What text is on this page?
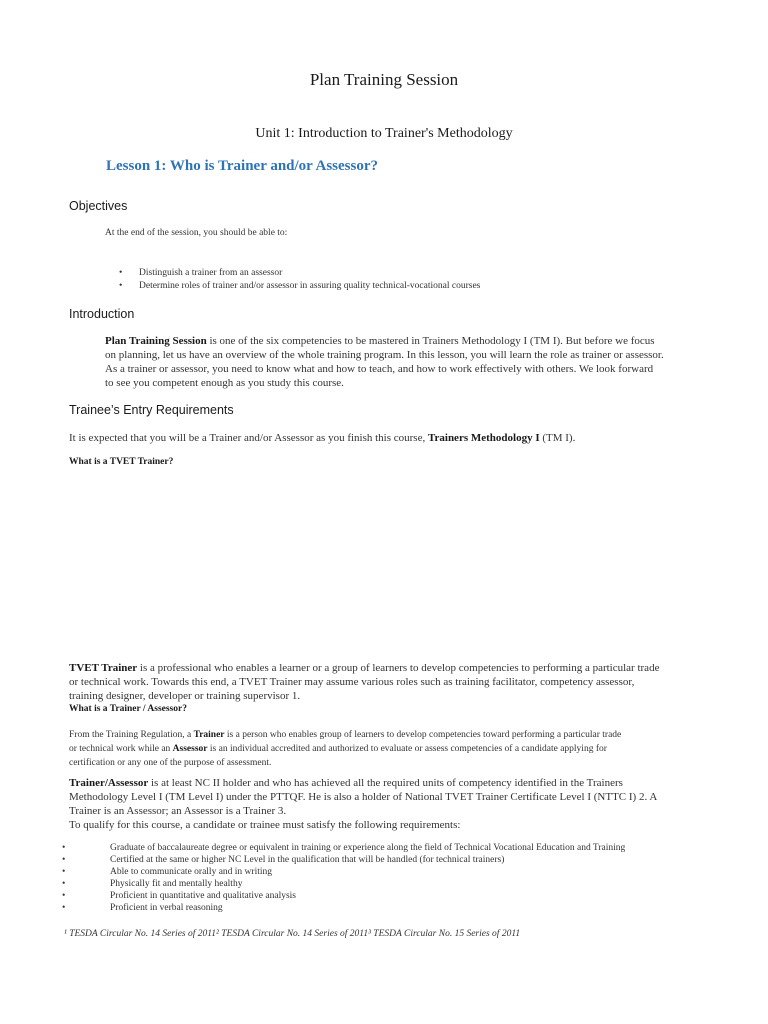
Plan Training Session
Unit 1: Introduction to Trainer's Methodology
Lesson 1: Who is Trainer and/or Assessor?
Objectives
At the end of the session, you should be able to:
• Distinguish a trainer from an assessor
• Determine roles of trainer and/or assessor in assuring quality technical-vocational courses
Introduction
Plan Training Session is one of the six competencies to be mastered in Trainers Methodology I (TM I). But before we focus
on planning, let us have an overview of the whole training program. In this lesson, you will learn the role as trainer or assessor.
As a trainer or assessor, you need to know what and how to teach, and how to work effectively with others. We look forward
to see you competent enough as you study this course.
Trainee’s Entry Requirements
It is expected that you will be a Trainer and/or Assessor as you finish this course, Trainers Methodology I (TM I).
What is a TVET Trainer?
TVET Trainer is a professional who enables a learner or a group of learners to develop competencies to performing a particular trade
or technical work. Towards this end, a TVET Trainer may assume various roles such as training facilitator, competency assessor,
training designer, developer or training supervisor 1.
What is a Trainer / Assessor?
From the Training Regulation, a Trainer is a person who enables group of learners to develop competencies toward performing a particular trade
or technical work while an Assessor is an individual accredited and authorized to evaluate or assess competencies of a candidate applying for
certification or any one of the purpose of assessment.
Trainer/Assessor is at least NC II holder and who has achieved all the required units of competency identified in the Trainers
Methodology Level I (TM Level I) under the PTTQF. He is also a holder of National TVET Trainer Certificate Level I (NTTC I) 2. A
Trainer is an Assessor; an Assessor is a Trainer 3.
To qualify for this course, a candidate or trainee must satisfy the following requirements:
•	Graduate of baccalaureate degree or equivalent in training or experience along the field of Technical Vocational Education and Training
•	Certified at the same or higher NC Level in the qualification that will be handled (for technical trainers)
•	Able to communicate orally and in writing
•	Physically fit and mentally healthy
•	Proficient in quantitative and qualitative analysis
•	Proficient in verbal reasoning
¹ TESDA Circular No. 14 Series of 2011² TESDA Circular No. 14 Series of 2011³ TESDA Circular No. 15 Series of 2011
